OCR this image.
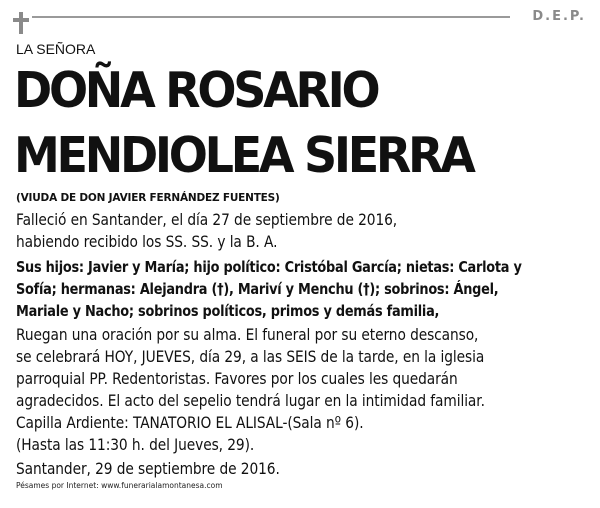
D.E.P.
LA SEÑORA
DOÑA ROSARIO
MENDIOLEA SIERRA
(VIUDA DE DON JAVIER FERNÁNDEZ FUENTES)
Falleció en Santander, el día 27 de septiembre de 2016,
habiendo recibido los SS. SS. y la B. A.
Sus hijos: Javier y María; hijo político: Cristóbal García; nietas: Carlota y
Sofía; hermanas: Alejandra (†), Mariví y Menchu (†); sobrinos: Ángel,
Mariale y Nacho; sobrinos políticos, primos y demás familia,
Ruegan una oración por su alma. El funeral por su eterno descanso,
se celebrará HOY, JUEVES, día 29, a las SEIS de la tarde, en la iglesia
parroquial PP. Redentoristas. Favores por los cuales les quedarán
agradecidos. El acto del sepelio tendrá lugar en la intimidad familiar.
Capilla Ardiente: TANATORIO EL ALISAL-(Sala nº 6).
(Hasta las 11:30 h. del Jueves, 29).
Santander, 29 de septiembre de 2016.
Pésames por Internet: www.funerarialamontanesa.com
